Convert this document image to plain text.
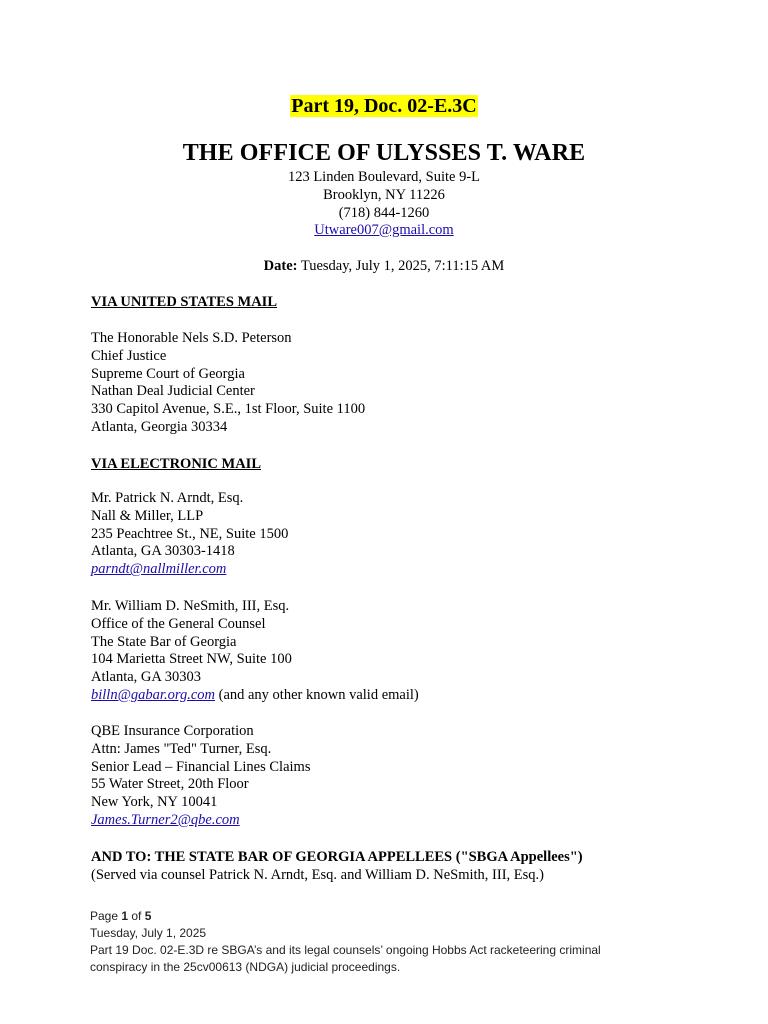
Part 19, Doc. 02-E.3C
THE OFFICE OF ULYSSES T. WARE
123 Linden Boulevard, Suite 9-L
Brooklyn, NY 11226
(718) 844-1260
Utware007@gmail.com
Date: Tuesday, July 1, 2025, 7:11:15 AM
VIA UNITED STATES MAIL
The Honorable Nels S.D. Peterson
Chief Justice
Supreme Court of Georgia
Nathan Deal Judicial Center
330 Capitol Avenue, S.E., 1st Floor, Suite 1100
Atlanta, Georgia 30334
VIA ELECTRONIC MAIL
Mr. Patrick N. Arndt, Esq.
Nall & Miller, LLP
235 Peachtree St., NE, Suite 1500
Atlanta, GA 30303-1418
parndt@nallmiller.com
Mr. William D. NeSmith, III, Esq.
Office of the General Counsel
The State Bar of Georgia
104 Marietta Street NW, Suite 100
Atlanta, GA 30303
billn@gabar.org.com (and any other known valid email)
QBE Insurance Corporation
Attn: James "Ted" Turner, Esq.
Senior Lead – Financial Lines Claims
55 Water Street, 20th Floor
New York, NY 10041
James.Turner2@qbe.com
AND TO: THE STATE BAR OF GEORGIA APPELLEES ("SBGA Appellees")
(Served via counsel Patrick N. Arndt, Esq. and William D. NeSmith, III, Esq.)
Page 1 of 5
Tuesday, July 1, 2025
Part 19 Doc. 02-E.3D re SBGA’s and its legal counsels’ ongoing Hobbs Act racketeering criminal
conspiracy in the 25cv00613 (NDGA) judicial proceedings.
